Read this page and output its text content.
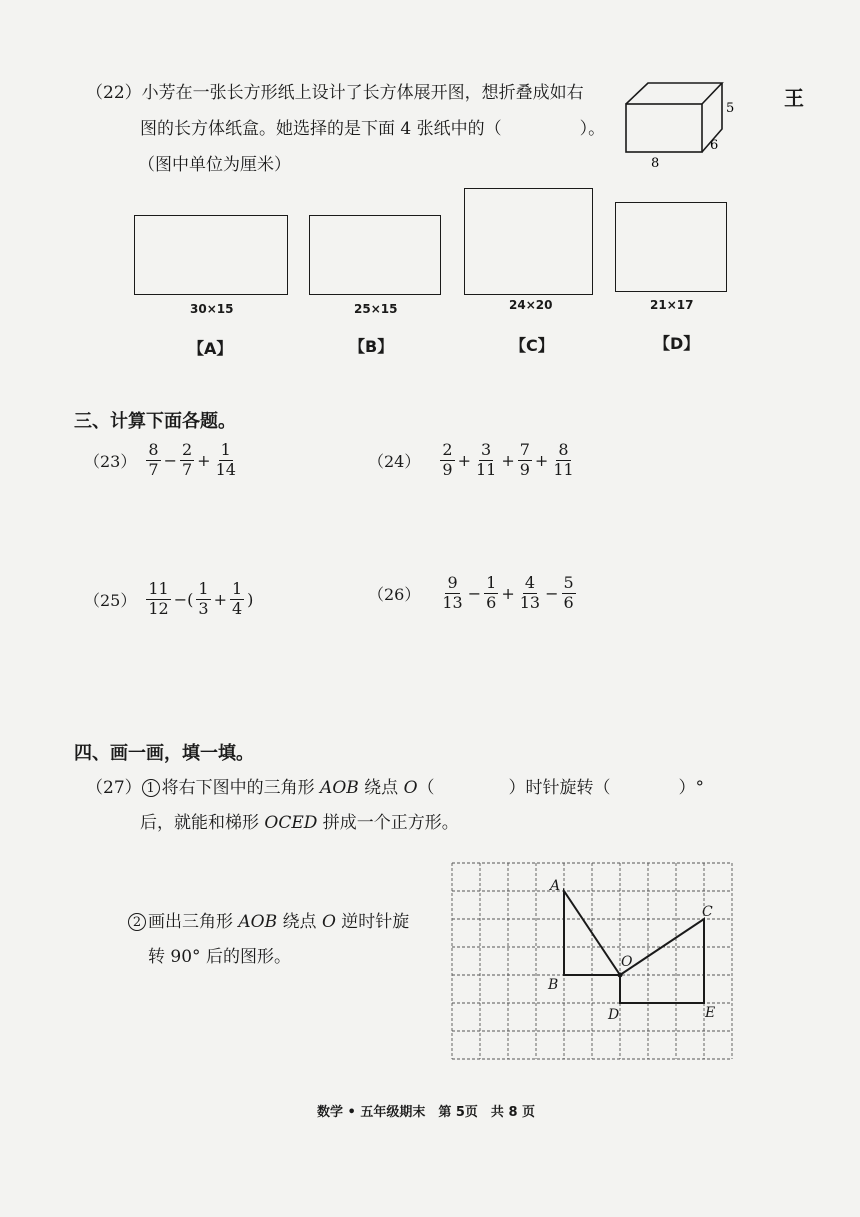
（22）小芳在一张长方形纸上设计了长方体展开图，想折叠成如右
图的长方体纸盒。她选择的是下面 4 张纸中的（	）。
（图中单位为厘米）
5
6
8
王
30×15	25×15	24×20	21×17
【A】	【B】	【C】	【D】
三、计算下面各题。
$(23) \frac{8}{7} - \frac{2}{7} + \frac{1}{14}$	$(24) \frac{2}{9} + \frac{3}{11} + \frac{7}{9} + \frac{8}{11}$
$(25) \frac{11}{12}$ −( $\frac{1}{3} + \frac{1}{4}$ )	$(26) \frac{9}{13} - \frac{1}{6} + \frac{4}{13} - \frac{5}{6}$
四、画一画，填一填。
（27） 1 将右下图中的三角形 AOB 绕点 O（	）时针旋转（	）°
后，就能和梯形 OCED 拼成一个正方形。
2 画出三角形 AOB 绕点 O 逆时针旋
转 90° 后的图形。
A
B
O
C
D	E
数学 • 五年级期末　第 5页　共 8 页
